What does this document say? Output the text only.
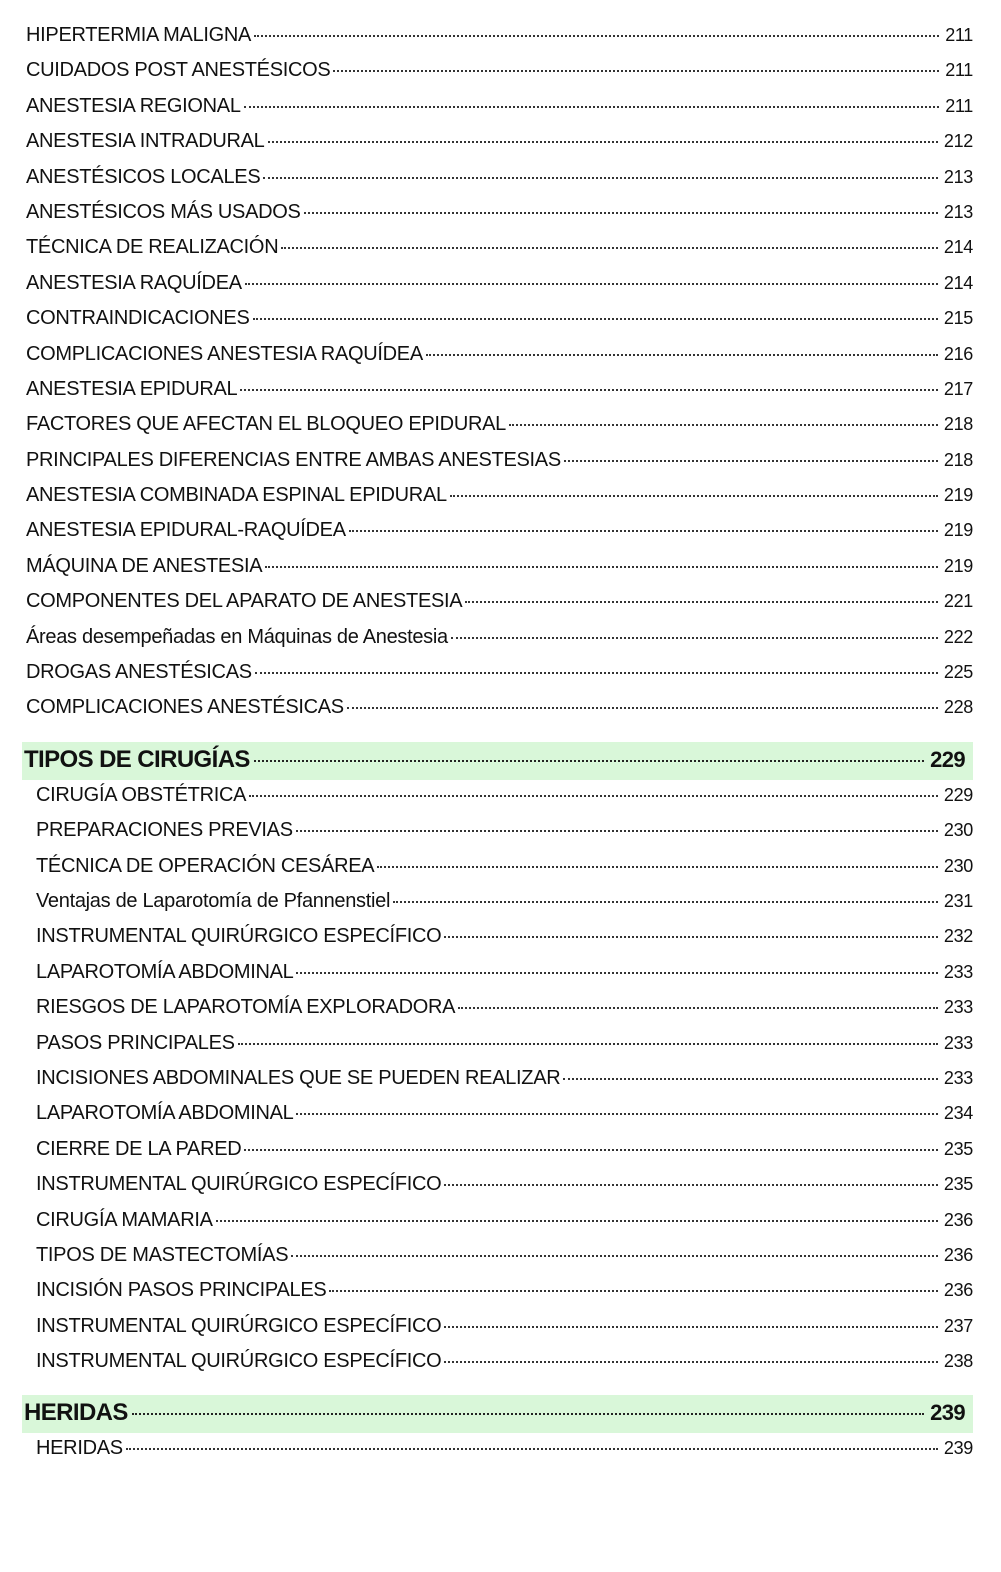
HIPERTERMIA MALIGNA	211
CUIDADOS POST ANESTÉSICOS	211
ANESTESIA REGIONAL	211
ANESTESIA INTRADURAL	212
ANESTÉSICOS LOCALES	213
ANESTÉSICOS MÁS USADOS	213
TÉCNICA DE REALIZACIÓN	214
ANESTESIA RAQUÍDEA	214
CONTRAINDICACIONES	215
COMPLICACIONES ANESTESIA RAQUÍDEA	216
ANESTESIA EPIDURAL	217
FACTORES QUE AFECTAN EL BLOQUEO EPIDURAL	218
PRINCIPALES DIFERENCIAS ENTRE AMBAS ANESTESIAS	218
ANESTESIA COMBINADA ESPINAL EPIDURAL	219
ANESTESIA EPIDURAL-RAQUÍDEA	219
MÁQUINA DE ANESTESIA	219
COMPONENTES DEL APARATO DE ANESTESIA	221
Áreas desempeñadas en Máquinas de Anestesia	222
DROGAS ANESTÉSICAS	225
COMPLICACIONES ANESTÉSICAS	228
TIPOS DE CIRUGÍAS	229
CIRUGÍA OBSTÉTRICA	229
PREPARACIONES PREVIAS	230
TÉCNICA DE OPERACIÓN CESÁREA	230
Ventajas de Laparotomía de Pfannenstiel	231
INSTRUMENTAL QUIRÚRGICO ESPECÍFICO	232
LAPAROTOMÍA ABDOMINAL	233
RIESGOS DE LAPAROTOMÍA EXPLORADORA	233
PASOS PRINCIPALES	233
INCISIONES ABDOMINALES QUE SE PUEDEN REALIZAR	233
LAPAROTOMÍA ABDOMINAL	234
CIERRE DE LA PARED	235
INSTRUMENTAL QUIRÚRGICO ESPECÍFICO	235
CIRUGÍA MAMARIA	236
TIPOS DE MASTECTOMÍAS	236
INCISIÓN PASOS PRINCIPALES	236
INSTRUMENTAL QUIRÚRGICO ESPECÍFICO	237
INSTRUMENTAL QUIRÚRGICO ESPECÍFICO	238
HERIDAS	239
HERIDAS	239
